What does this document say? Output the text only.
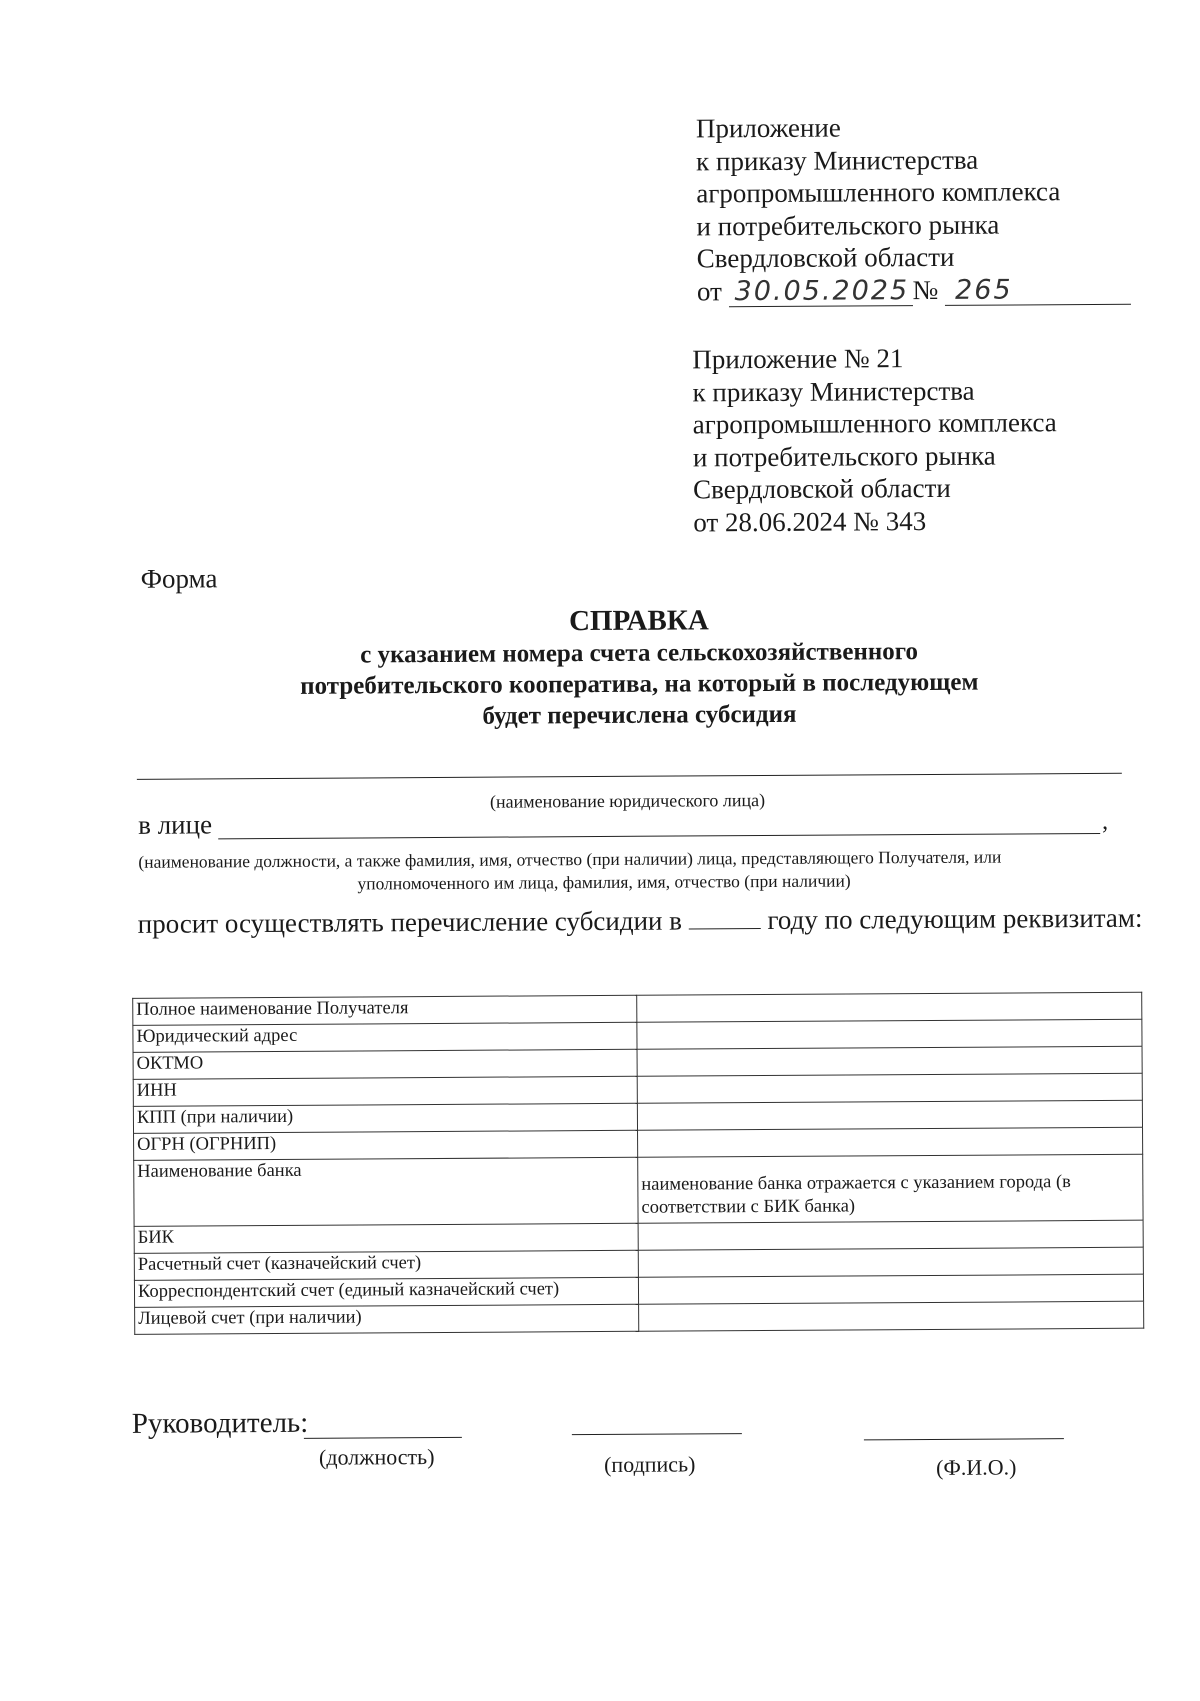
Приложение
к приказу Министерства
агропромышленного комплекса
и потребительского рынка
Свердловской области
от 30.05.2025 № 265
Приложение № 21
к приказу Министерства
агропромышленного комплекса
и потребительского рынка
Свердловской области
от 28.06.2024 № 343
Форма
СПРАВКА
с указанием номера счета сельскохозяйственного
потребительского кооператива, на который в последующем
будет перечислена субсидия
(наименование юридического лица)
в лице	,
(наименование должности, а также фамилия, имя, отчество (при наличии) лица, представляющего Получателя, или
уполномоченного им лица, фамилия, имя, отчество (при наличии)
просит осуществлять перечисление субсидии в	году по следующим реквизитам:
Полное наименование Получателя	
Юридический адрес	
ОКТМО	
ИНН	
КПП (при наличии)	
ОГРН (ОГРНИП)	
Наименование банка	наименование банка отражается с указанием города (в соответствии с БИК банка)
БИК	
Расчетный счет (казначейский счет)	
Корреспондентский счет (единый казначейский счет)	
Лицевой счет (при наличии)	
Руководитель:
(должность)	(подпись)	(Ф.И.О.)
